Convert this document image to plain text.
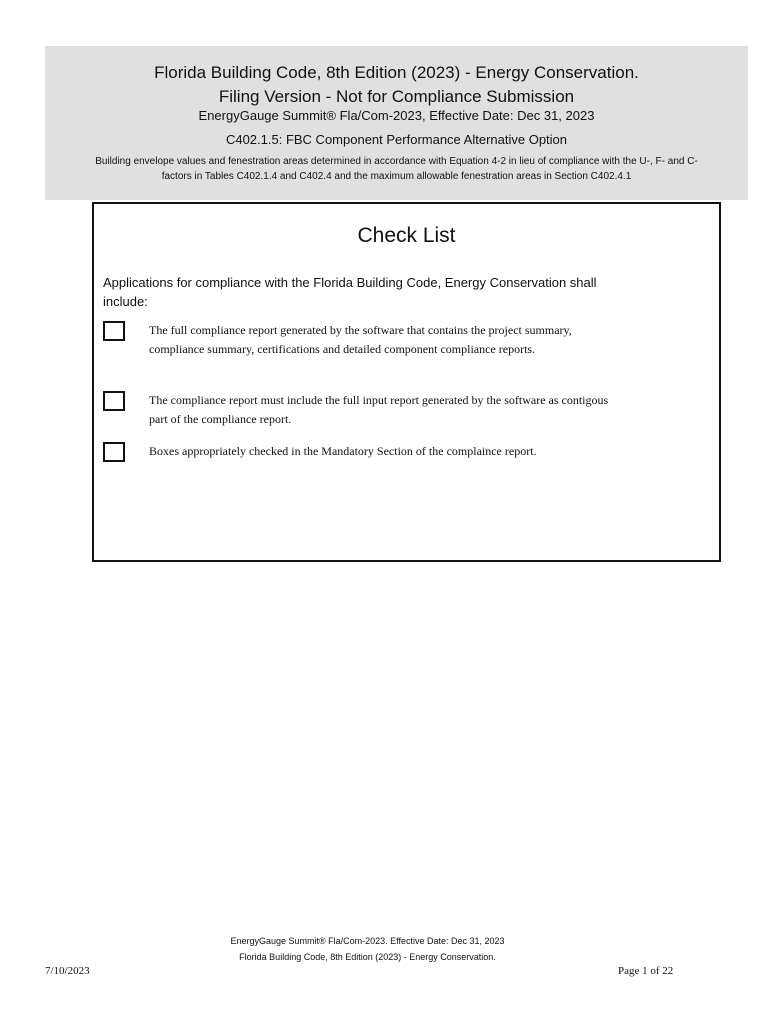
Florida Building Code, 8th Edition (2023) - Energy Conservation.
Filing Version - Not for Compliance Submission
EnergyGauge Summit® Fla/Com-2023, Effective Date: Dec 31, 2023
C402.1.5: FBC Component Performance Alternative Option
Building envelope values and fenestration areas determined in accordance with Equation 4-2 in lieu of compliance with the U-, F- and C-factors in Tables C402.1.4 and C402.4 and the maximum allowable fenestration areas in Section C402.4.1
Check List
Applications for compliance with the Florida Building Code, Energy Conservation shall include:
The full compliance report generated by the software that contains the project summary, compliance summary, certifications and detailed component compliance reports.
The compliance report must include the full input report generated by the software as contigous part of the compliance report.
Boxes appropriately checked in the Mandatory Section of the complaince report.
EnergyGauge Summit® Fla/Com-2023. Effective Date: Dec 31, 2023
Florida Building Code, 8th Edition (2023) - Energy Conservation.
7/10/2023	Page 1 of 22
